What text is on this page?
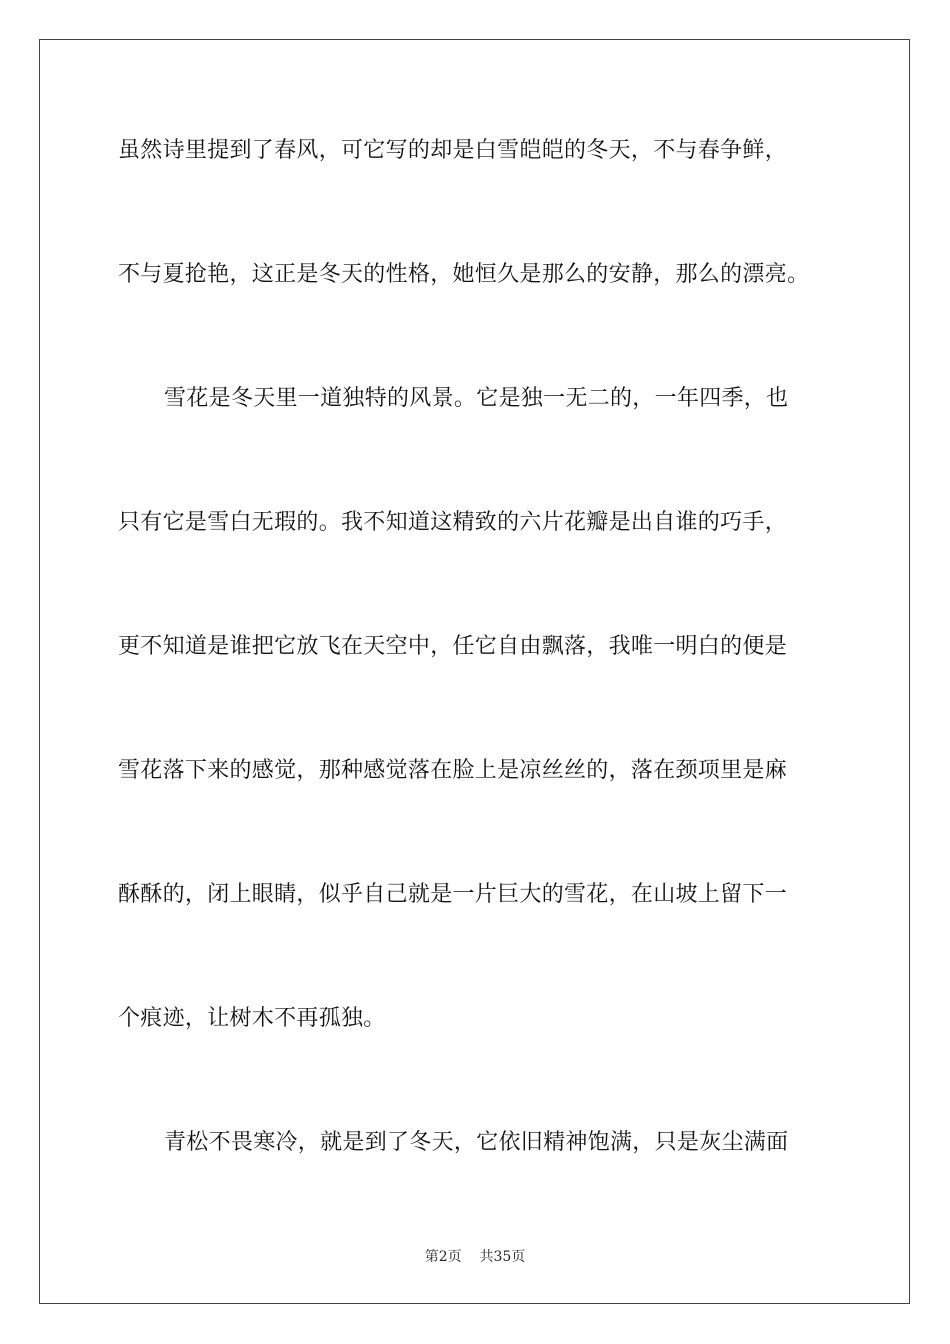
虽然诗里提到了春风，可它写的却是白雪皑皑的冬天，不与春争鲜，
不与夏抢艳，这正是冬天的性格，她恒久是那么的安静，那么的漂亮。
雪花是冬天里一道独特的风景。它是独一无二的，一年四季，也
只有它是雪白无瑕的。我不知道这精致的六片花瓣是出自谁的巧手，
更不知道是谁把它放飞在天空中，任它自由飘落，我唯一明白的便是
雪花落下来的感觉，那种感觉落在脸上是凉丝丝的，落在颈项里是麻
酥酥的，闭上眼睛，似乎自己就是一片巨大的雪花，在山坡上留下一
个痕迹，让树木不再孤独。
青松不畏寒冷，就是到了冬天，它依旧精神饱满，只是灰尘满面
第2页 共35页
